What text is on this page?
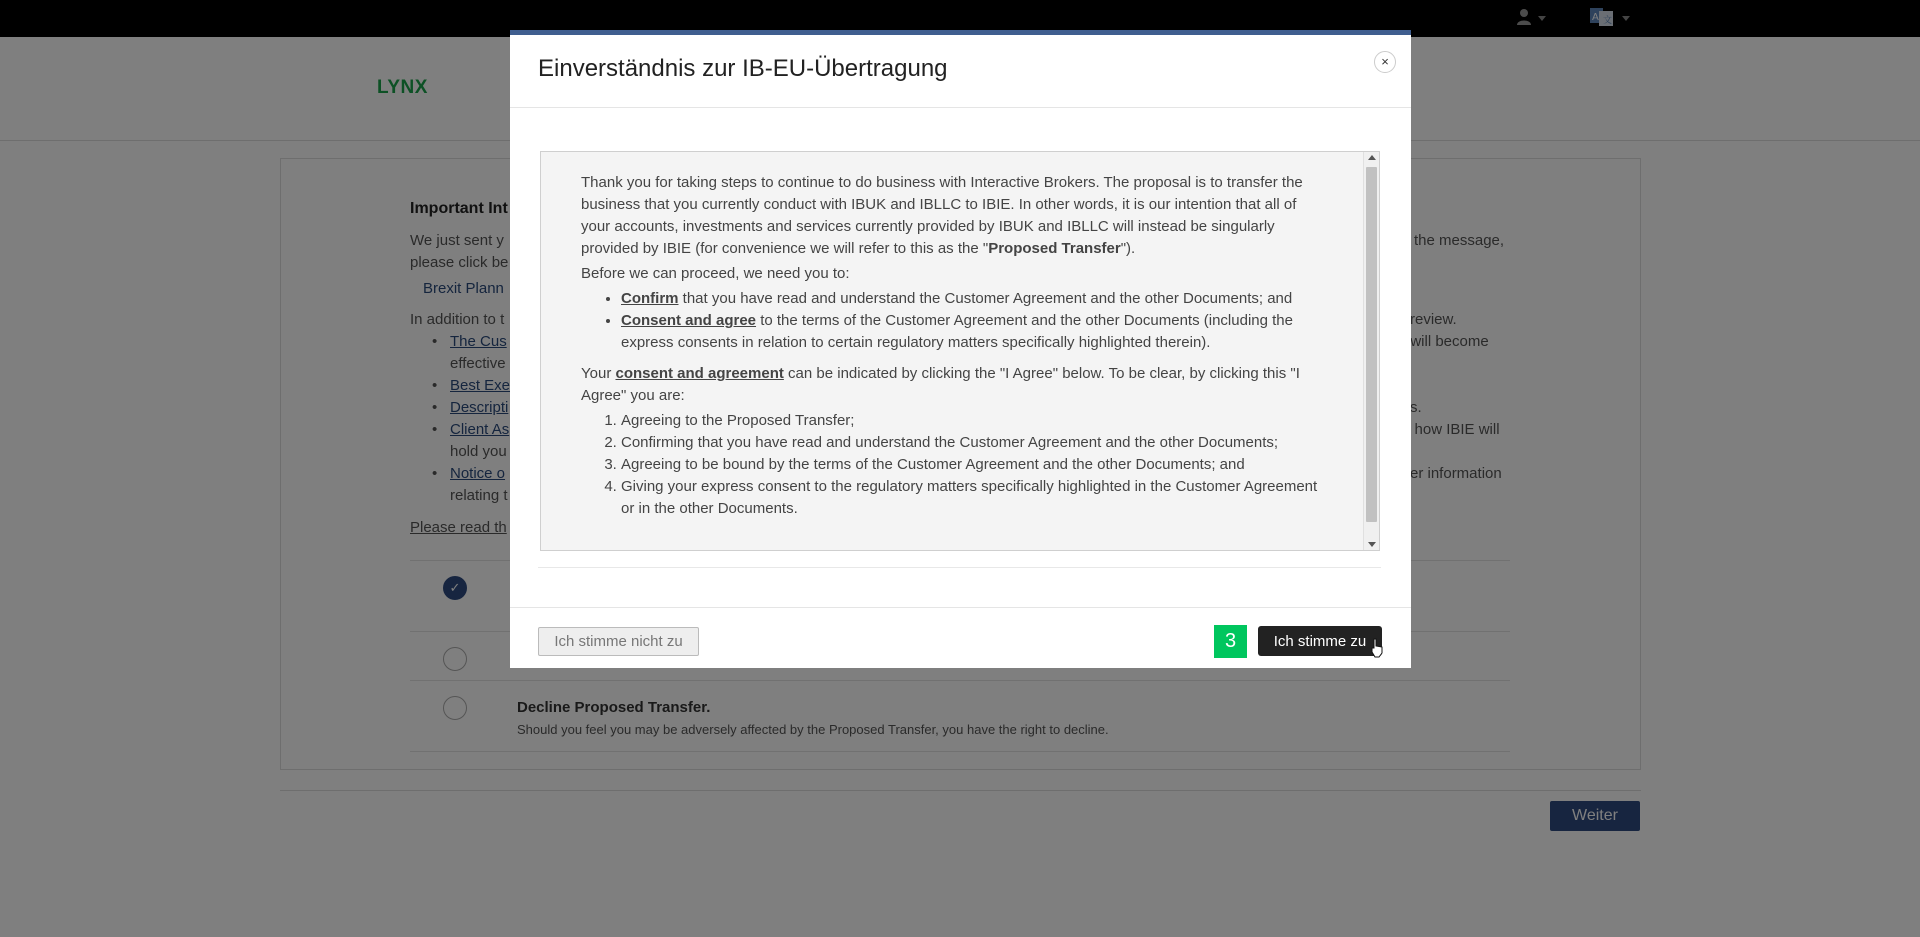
Einverständnis zur IB-EU-Übertragung	×

Thank you for taking steps to continue to do business with Interactive Brokers. The proposal is to transfer the business that you currently conduct with IBUK and IBLLC to IBIE. In other words, it is our intention that all of your accounts, investments and services currently provided by IBUK and IBLLC will instead be singularly provided by IBIE (for convenience we will refer to this as the "Proposed Transfer").

Before we can proceed, we need you to:

• Confirm that you have read and understand the Customer Agreement and the other Documents; and
• Consent and agree to the terms of the Customer Agreement and the other Documents (including the express consents in relation to certain regulatory matters specifically highlighted therein).

Your consent and agreement can be indicated by clicking the "I Agree" below. To be clear, by clicking this "I Agree" you are:

1. Agreeing to the Proposed Transfer;
2. Confirming that you have read and understand the Customer Agreement and the other Documents;
3. Agreeing to be bound by the terms of the Customer Agreement and the other Documents; and
4. Giving your express consent to the regulatory matters specifically highlighted in the Customer Agreement or in the other Documents.
Ich stimme nicht zu	3	Ich stimme zu
